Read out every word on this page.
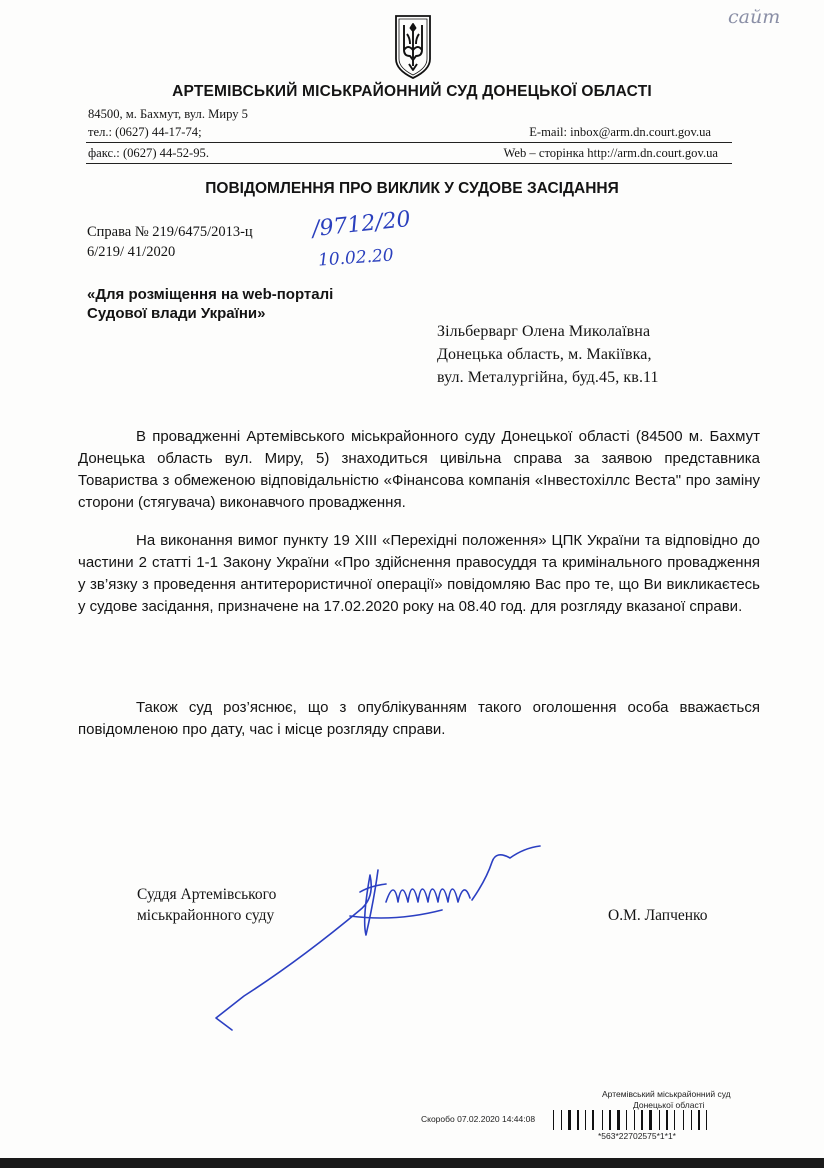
сайт
АРТЕМІВСЬКИЙ МІСЬКРАЙОННИЙ СУД ДОНЕЦЬКОЇ ОБЛАСТІ
84500, м. Бахмут, вул. Миру 5
тел.: (0627) 44-17-74;	E-mail: inbox@arm.dn.court.gov.ua
факс.: (0627) 44-52-95.	Web – сторінка http://arm.dn.court.gov.ua
ПОВІДОМЛЕННЯ ПРО ВИКЛИК У СУДОВЕ ЗАСІДАННЯ
Справа № 219/6475/2013-ц
6/219/ 41/2020
/9712/20
10.02.20
«Для розміщення на web-порталі
Судової влади України»
Зільберварг Олена Миколаївна
Донецька область, м. Макіївка,
вул. Металургійна, буд.45, кв.11

В провадженні Артемівського міськрайонного суду Донецької області (84500 м. Бахмут Донецька область вул. Миру, 5) знаходиться цивільна справа за заявою представника Товариства з обмеженою відповідальністю «Фінансова компанія «Інвестохіллс Веста" про заміну сторони (стягувача) виконавчого провадження.

На виконання вимог пункту 19 XIII «Перехідні положення» ЦПК України та відповідно до частини 2 статті 1-1 Закону України «Про здійснення правосуддя та кримінального провадження у зв’язку з проведення антитерористичної операції» повідомляю Вас про те, що Ви викликаєтесь у судове засідання, призначене на 17.02.2020 року на 08.40 год. для розгляду вказаної справи.

Також суд роз’яснює, що з опублікуванням такого оголошення особа вважається повідомленою про дату, час і місце розгляду справи.

Суддя Артемівського
міськрайонного суду	О.М. Лапченко
Артемівський міськрайонний суд
Донецької області
Скоробо 07.02.2020 14:44:08
*563*22702575*1*1*
